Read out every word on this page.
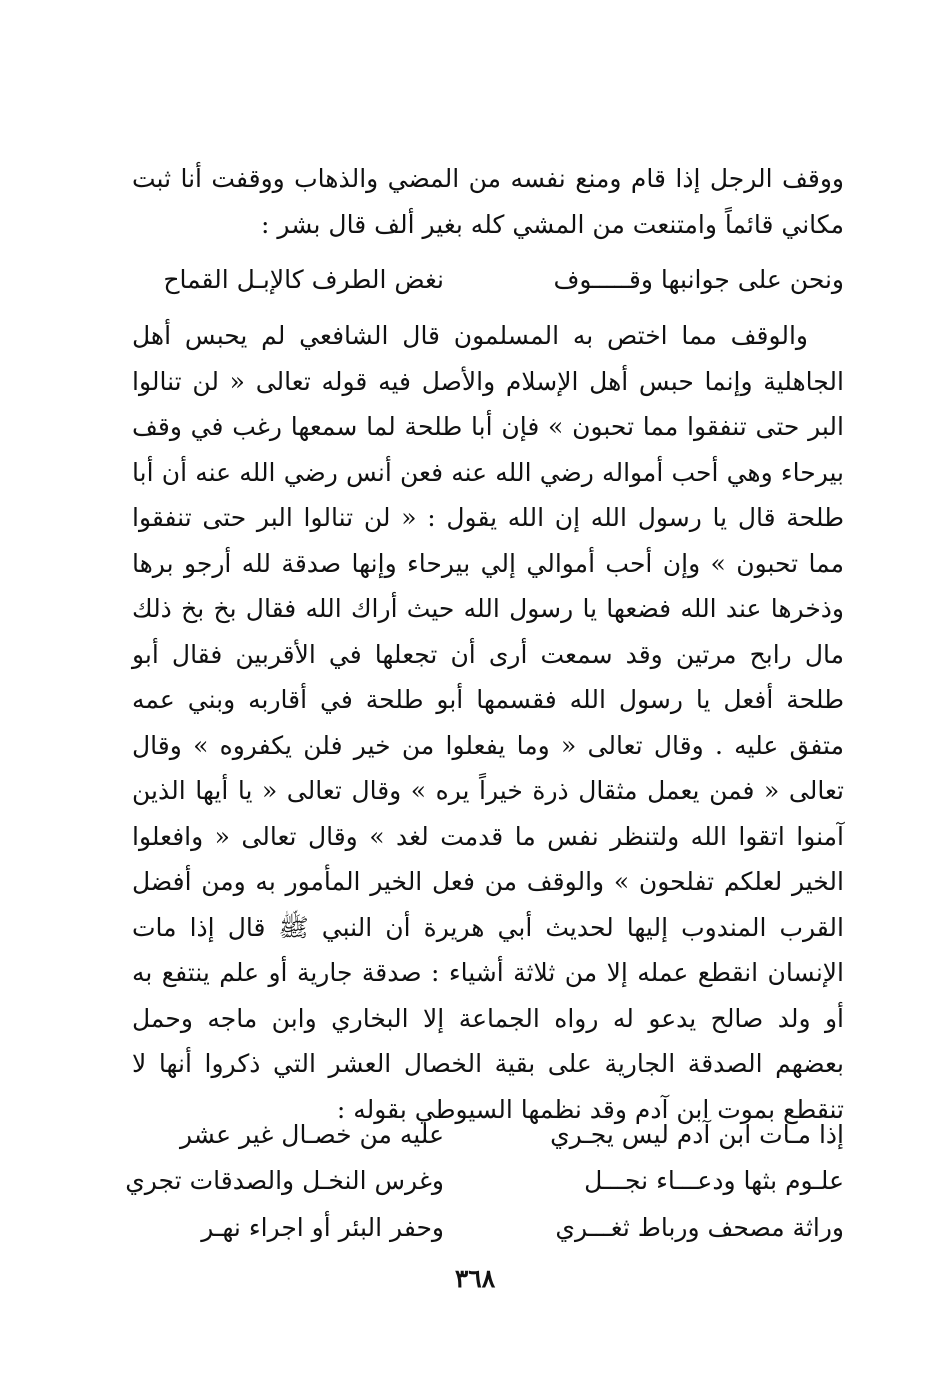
ووقف الرجل إذا قام ومنع نفسه من المضي والذهاب ووقفت أنا ثبت مكاني قائماً وامتنعت من المشي كله بغير ألف قال بشر :

ونحن على جوانبها وقـــــوف
نغض الطرف كالإبـل القماح

والوقف مما اختص به المسلمون قال الشافعي لم يحبس أهل الجاهلية وإنما حبس أهل الإسلام والأصل فيه قوله تعالى « لن تنالوا البر حتى تنفقوا مما تحبون » فإن أبا طلحة لما سمعها رغب في وقف بيرحاء وهي أحب أمواله رضي الله عنه فعن أنس رضي الله عنه أن أبا طلحة قال يا رسول الله إن الله يقول : « لن تنالوا البر حتى تنفقوا مما تحبون » وإن أحب أموالي إلي بيرحاء وإنها صدقة لله أرجو برها وذخرها عند الله فضعها يا رسول الله حيث أراك الله فقال بخ بخ ذلك مال رابح مرتين وقد سمعت أرى أن تجعلها في الأقربين فقال أبو طلحة أفعل يا رسول الله فقسمها أبو طلحة في أقاربه وبني عمه متفق عليه . وقال تعالى « وما يفعلوا من خير فلن يكفروه » وقال تعالى « فمن يعمل مثقال ذرة خيراً يره » وقال تعالى « يا أيها الذين آمنوا اتقوا الله ولتنظر نفس ما قدمت لغد » وقال تعالى « وافعلوا الخير لعلكم تفلحون » والوقف من فعل الخير المأمور به ومن أفضل القرب المندوب إليها لحديث أبي هريرة أن النبي ﷺ قال إذا مات الإنسان انقطع عمله إلا من ثلاثة أشياء : صدقة جارية أو علم ينتفع به أو ولد صالح يدعو له رواه الجماعة إلا البخاري وابن ماجه وحمل بعضهم الصدقة الجارية على بقية الخصال العشر التي ذكروا أنها لا تنقطع بموت ابن آدم وقد نظمها السيوطي بقوله :

إذا مـات ابن آدم ليس يجـري
عليه من خصـال غير عشر
علـوم بثها ودعـــاء نجـــل
وغرس النخـل والصدقات تجري
وراثة مصحف ورباط ثغـــري
وحفر البئر أو اجراء نهـر
٣٦٨
